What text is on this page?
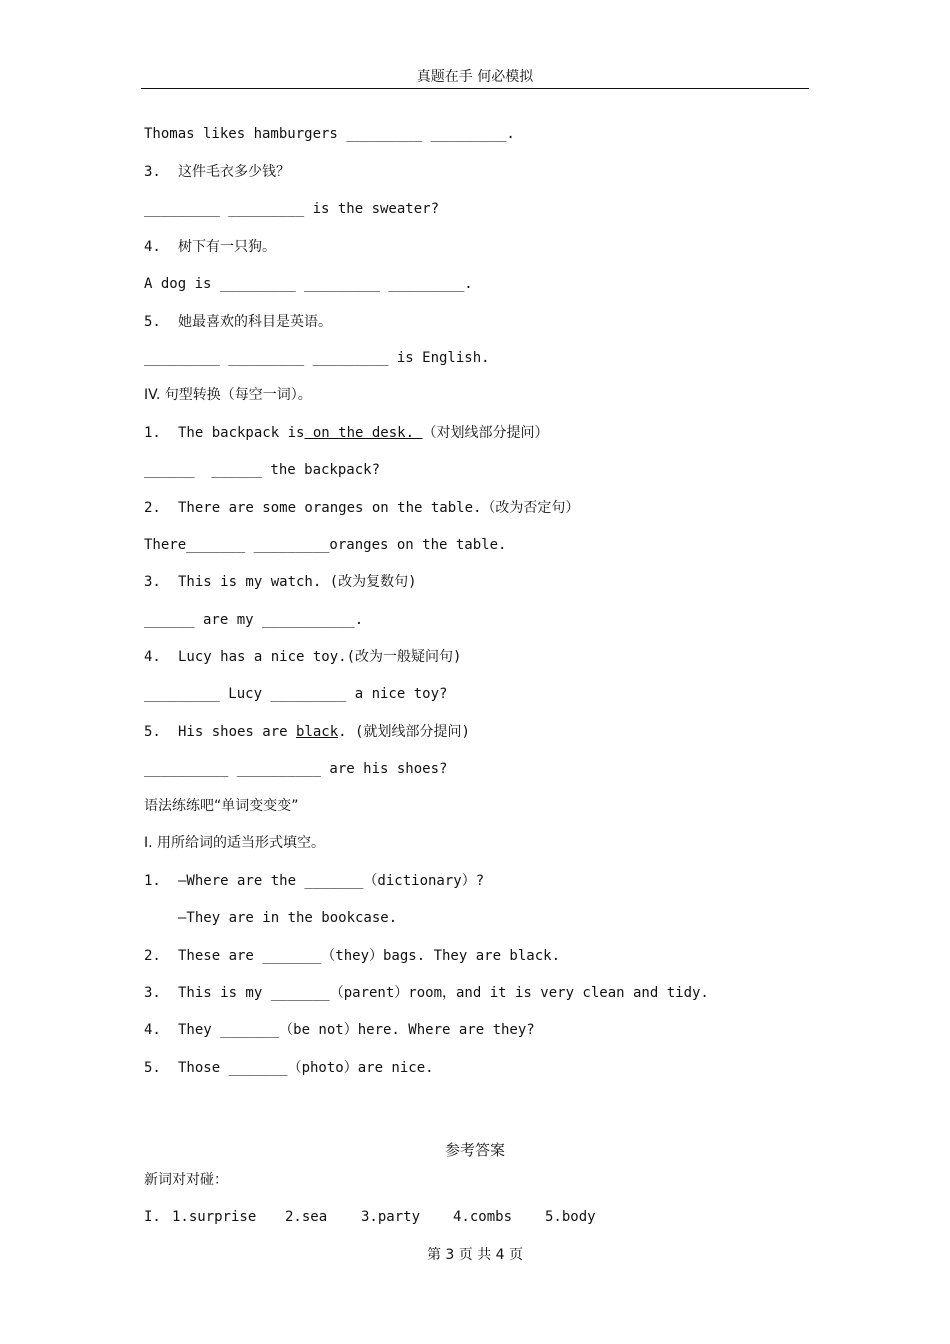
真题在手 何必模拟
Thomas likes hamburgers _________ _________.
3. 这件毛衣多少钱？
_________ _________ is the sweater?
4. 树下有一只狗。
A dog is _________ _________ _________.
5. 她最喜欢的科目是英语。
_________ _________ _________ is English.
IV. 句型转换（每空一词）。
1. The backpack is on the desk. （对划线部分提问）
______  ______ the backpack?
2. There are some oranges on the table.（改为否定句）
There_______ _________oranges on the table.
3. This is my watch. (改为复数句)
______ are my ___________.
4. Lucy has a nice toy.(改为一般疑问句)
_________ Lucy _________ a nice toy?
5. His shoes are black. (就划线部分提问)
__________ __________ are his shoes?
语法练练吧“单词变变变”
I. 用所给词的适当形式填空。
1. —Where are the _______（dictionary）?
—They are in the bookcase.
2. These are _______（they）bags. They are black.
3. This is my _______（parent）room，and it is very clean and tidy.
4. They _______（be not）here. Where are they?
5. Those _______（photo）are nice.
参考答案
新词对对碰：
I. 1.surprise 2.sea 3.party 4.combs 5.body
第 3 页 共 4 页
